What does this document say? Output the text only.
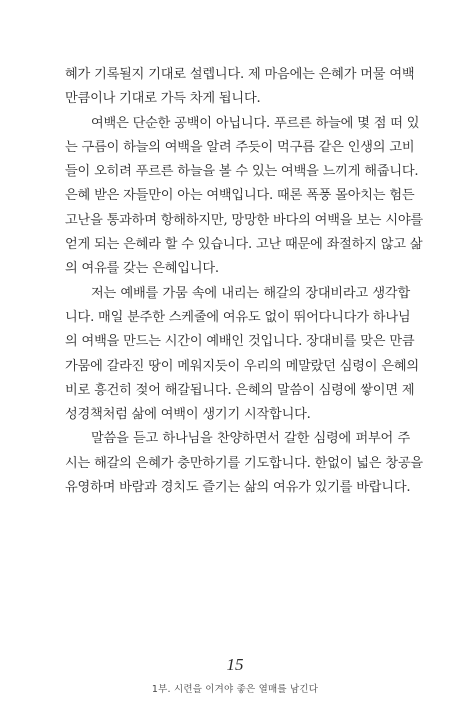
혜가 기록될지 기대로 설렙니다. 제 마음에는 은혜가 머물 여백
만큼이나 기대로 가득 차게 됩니다.
여백은 단순한 공백이 아닙니다. 푸르른 하늘에 몇 점 떠 있
는 구름이 하늘의 여백을 알려 주듯이 먹구름 같은 인생의 고비
들이 오히려 푸르른 하늘을 볼 수 있는 여백을 느끼게 해줍니다.
은혜 받은 자들만이 아는 여백입니다. 때론 폭풍 몰아치는 험든
고난을 통과하며 항해하지만, 망망한 바다의 여백을 보는 시야를
얻게 되는 은혜라 할 수 있습니다. 고난 때문에 좌절하지 않고 삶
의 여유를 갖는 은혜입니다.
저는 예배를 가뭄 속에 내리는 해갈의 장대비라고 생각합
니다. 매일 분주한 스케줄에 여유도 없이 뛰어다니다가 하나님
의 여백을 만드는 시간이 예배인 것입니다. 장대비를 맞은 만큼
가뭄에 갈라진 땅이 메워지듯이 우리의 메말랐던 심령이 은혜의
비로 흥건히 젖어 해갈됩니다. 은혜의 말씀이 심령에 쌓이면 제
성경책처럼 삶에 여백이 생기기 시작합니다.
말씀을 듣고 하나님을 찬양하면서 갈한 심령에 퍼부어 주
시는 해갈의 은혜가 충만하기를 기도합니다. 한없이 넓은 창공을
유영하며 바람과 경치도 즐기는 삶의 여유가 있기를 바랍니다.
15
1부. 시련을 이겨야 좋은 열매를 남긴다
